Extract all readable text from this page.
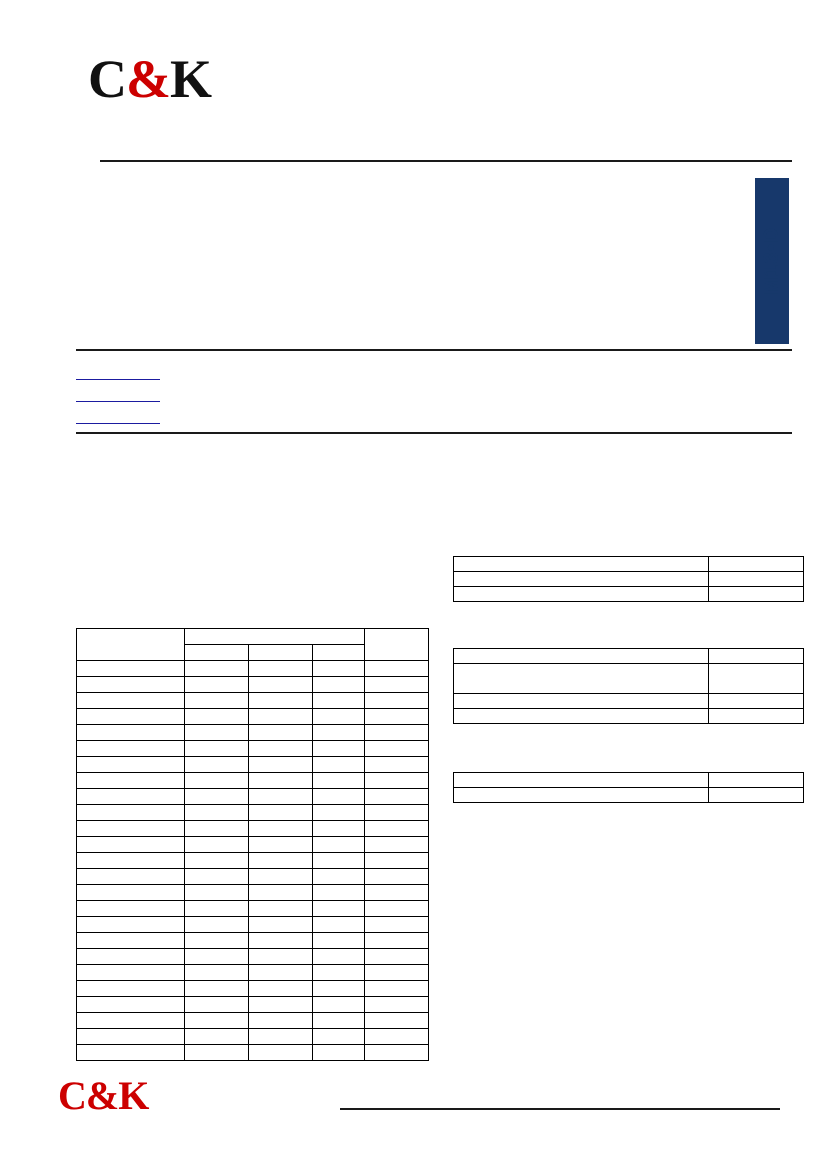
C&K
M13•D

C&K
